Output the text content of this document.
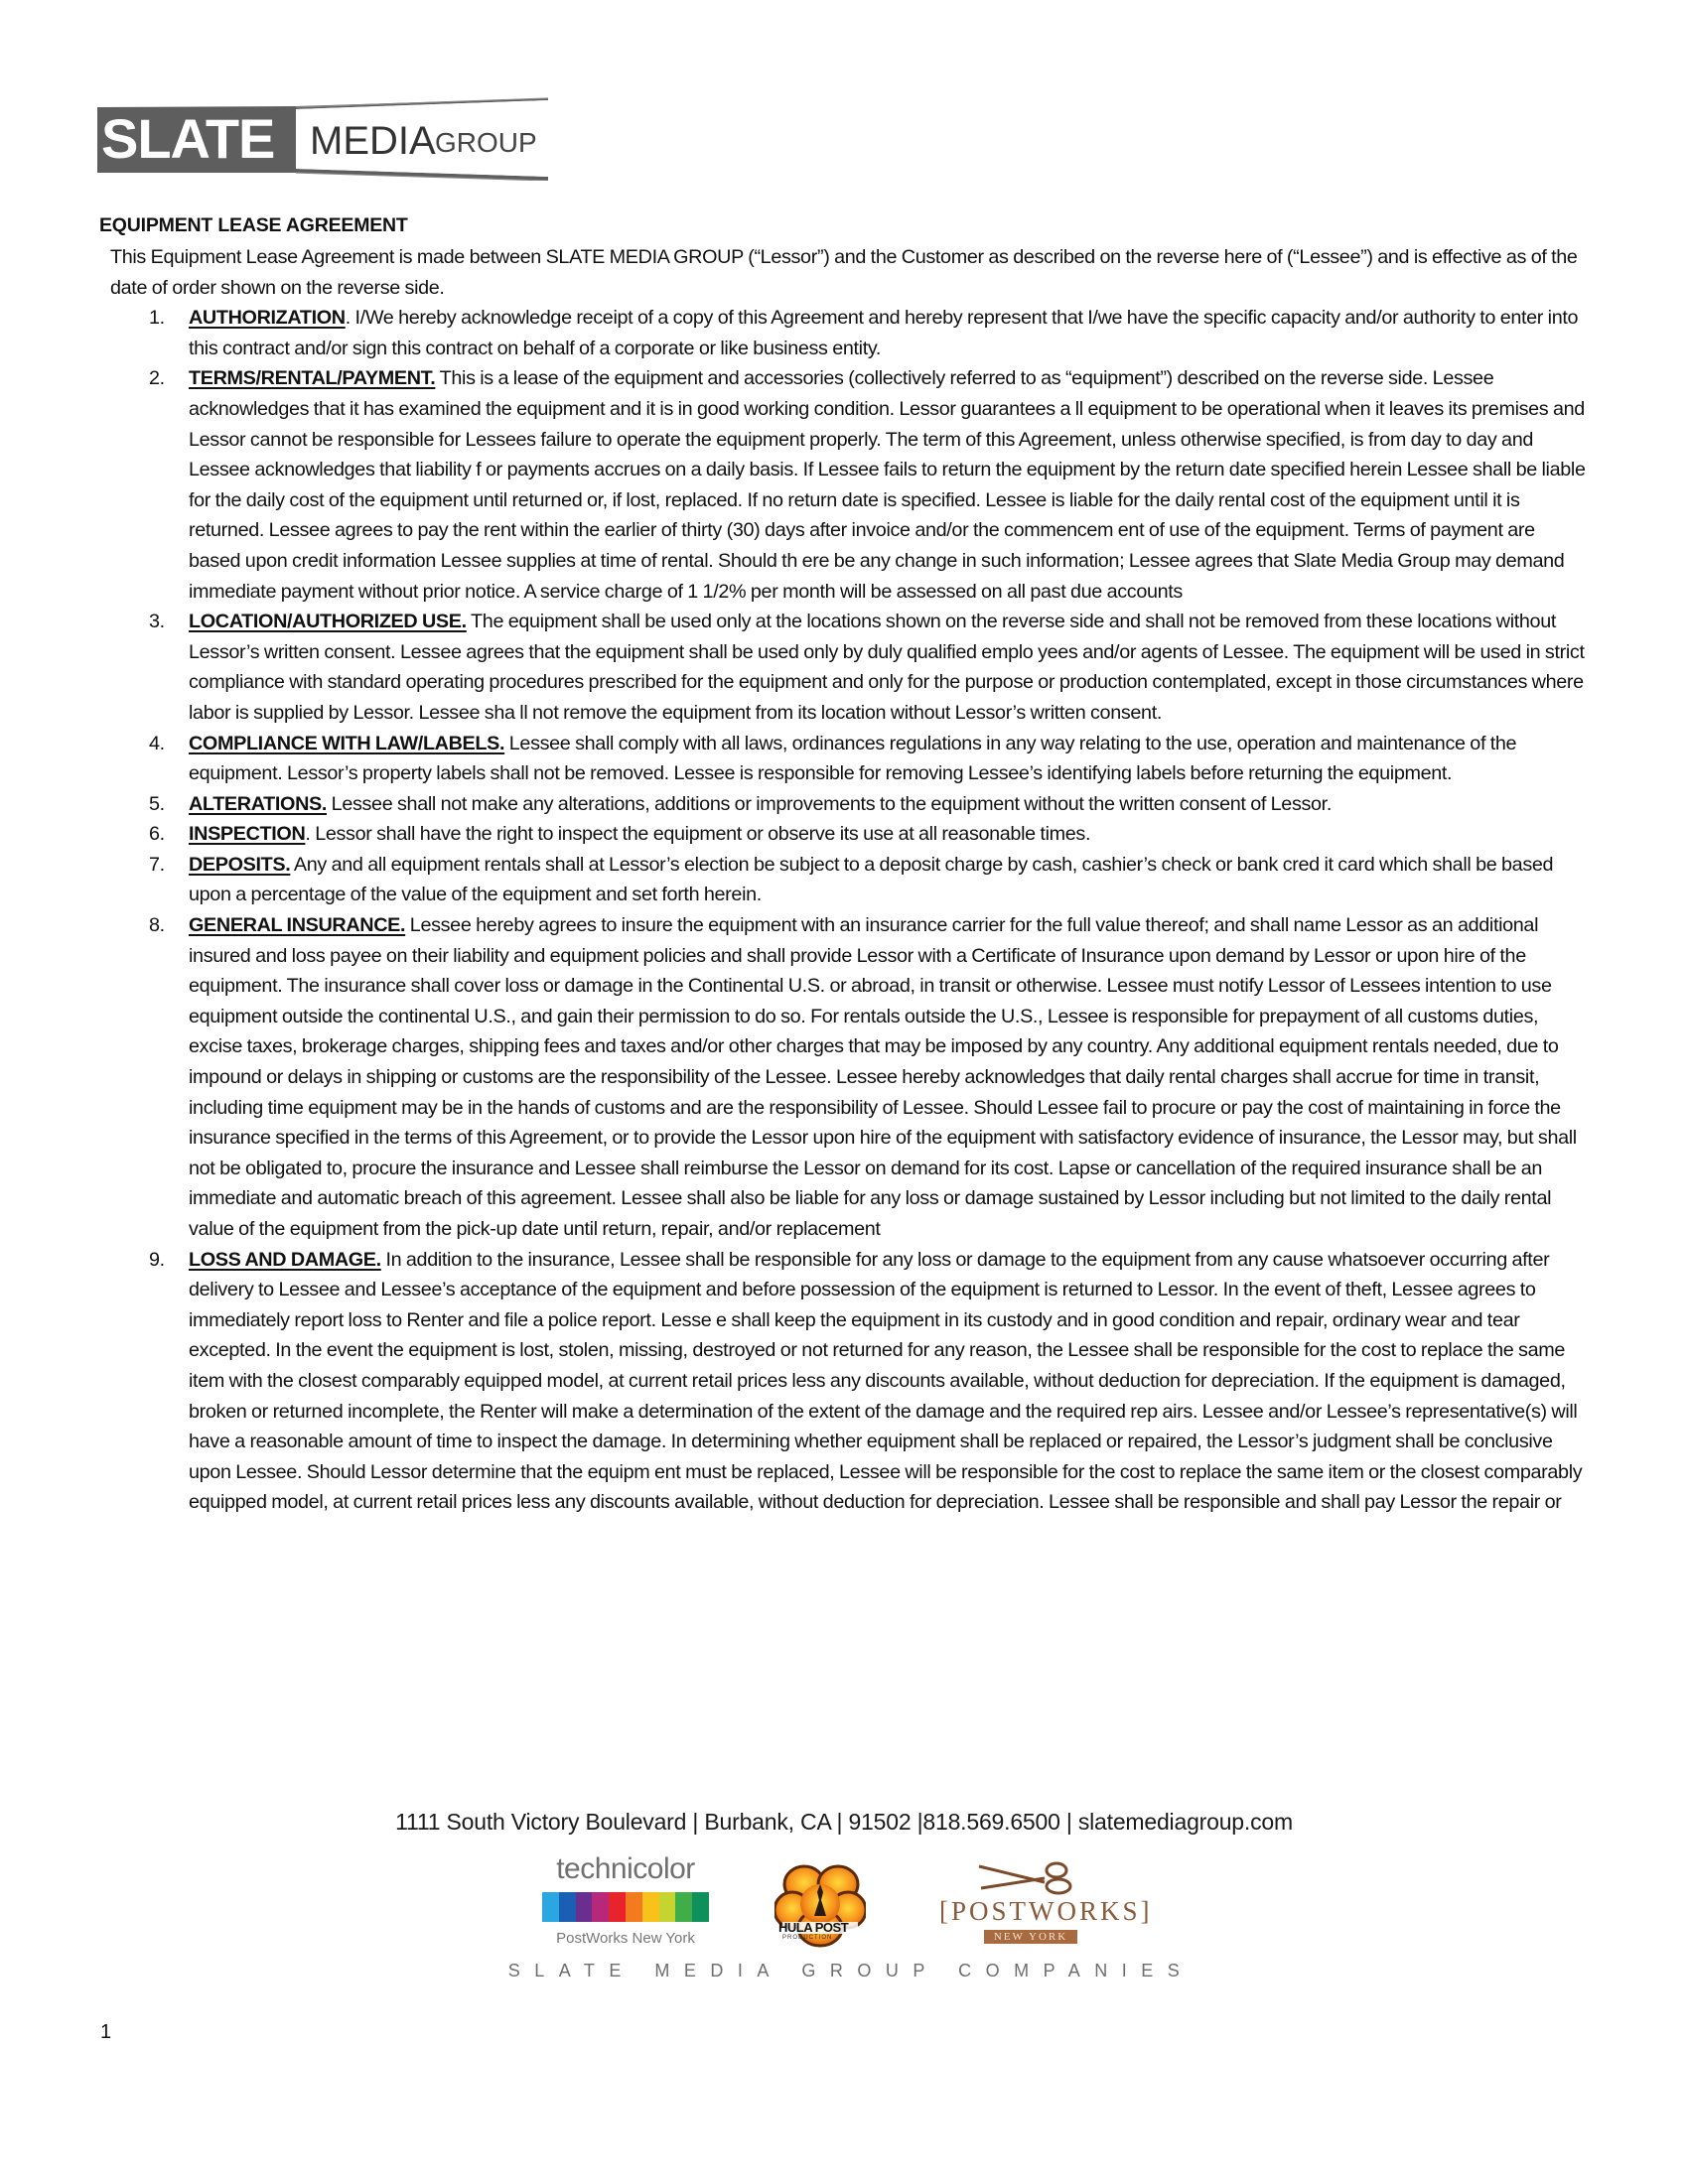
SLATE MEDIA GROUP
EQUIPMENT LEASE AGREEMENT
This Equipment Lease Agreement is made between SLATE MEDIA GROUP (“Lessor”) and the Customer as described on the reverse here of (“Lessee”) and is effective as of the date of order shown on the reverse side.
1. AUTHORIZATION. I/We hereby acknowledge receipt of a copy of this Agreement and hereby represent that I/we have the specific capacity and/or authority to enter into this contract and/or sign this contract on behalf of a corporate or like business entity.
2. TERMS/RENTAL/PAYMENT. This is a lease of the equipment and accessories (collectively referred to as “equipment”) described on the reverse side. Lessee acknowledges that it has examined the equipment and it is in good working condition. Lessor guarantees a ll equipment to be operational when it leaves its premises and Lessor cannot be responsible for Lessees failure to operate the equipment properly. The term of this Agreement, unless otherwise specified, is from day to day and Lessee acknowledges that liability f or payments accrues on a daily basis. If Lessee fails to return the equipment by the return date specified herein Lessee shall be liable for the daily cost of the equipment until returned or, if lost, replaced. If no return date is specified. Lessee is liable for the daily rental cost of the equipment until it is returned. Lessee agrees to pay the rent within the earlier of thirty (30) days after invoice and/or the commencem ent of use of the equipment. Terms of payment are based upon credit information Lessee supplies at time of rental. Should th ere be any change in such information; Lessee agrees that Slate Media Group may demand immediate payment without prior notice. A service charge of 1 1/2% per month will be assessed on all past due accounts
3. LOCATION/AUTHORIZED USE. The equipment shall be used only at the locations shown on the reverse side and shall not be removed from these locations without Lessor’s written consent. Lessee agrees that the equipment shall be used only by duly qualified emplo yees and/or agents of Lessee. The equipment will be used in strict compliance with standard operating procedures prescribed for the equipment and only for the purpose or production contemplated, except in those circumstances where labor is supplied by Lessor. Lessee sha ll not remove the equipment from its location without Lessor’s written consent.
4. COMPLIANCE WITH LAW/LABELS. Lessee shall comply with all laws, ordinances regulations in any way relating to the use, operation and maintenance of the equipment. Lessor’s property labels shall not be removed. Lessee is responsible for removing Lessee’s identifying labels before returning the equipment.
5. ALTERATIONS. Lessee shall not make any alterations, additions or improvements to the equipment without the written consent of Lessor.
6. INSPECTION. Lessor shall have the right to inspect the equipment or observe its use at all reasonable times.
7. DEPOSITS. Any and all equipment rentals shall at Lessor’s election be subject to a deposit charge by cash, cashier’s check or bank cred it card which shall be based upon a percentage of the value of the equipment and set forth herein.
8. GENERAL INSURANCE. Lessee hereby agrees to insure the equipment with an insurance carrier for the full value thereof; and shall name Lessor as an additional insured and loss payee on their liability and equipment policies and shall provide Lessor with a Certificate of Insurance upon demand by Lessor or upon hire of the equipment. The insurance shall cover loss or damage in the Continental U.S. or abroad, in transit or otherwise. Lessee must notify Lessor of Lessees intention to use equipment outside the continental U.S., and gain their permission to do so. For rentals outside the U.S., Lessee is responsible for prepayment of all customs duties, excise taxes, brokerage charges, shipping fees and taxes and/or other charges that may be imposed by any country. Any additional equipment rentals needed, due to impound or delays in shipping or customs are the responsibility of the Lessee. Lessee hereby acknowledges that daily rental charges shall accrue for time in transit, including time equipment may be in the hands of customs and are the responsibility of Lessee. Should Lessee fail to procure or pay the cost of maintaining in force the insurance specified in the terms of this Agreement, or to provide the Lessor upon hire of the equipment with satisfactory evidence of insurance, the Lessor may, but shall not be obligated to, procure the insurance and Lessee shall reimburse the Lessor on demand for its cost. Lapse or cancellation of the required insurance shall be an immediate and automatic breach of this agreement. Lessee shall also be liable for any loss or damage sustained by Lessor including but not limited to the daily rental value of the equipment from the pick-up date until return, repair, and/or replacement
9. LOSS AND DAMAGE. In addition to the insurance, Lessee shall be responsible for any loss or damage to the equipment from any cause whatsoever occurring after delivery to Lessee and Lessee’s acceptance of the equipment and before possession of the equipment is returned to Lessor. In the event of theft, Lessee agrees to immediately report loss to Renter and file a police report. Lesse e shall keep the equipment in its custody and in good condition and repair, ordinary wear and tear excepted. In the event the equipment is lost, stolen, missing, destroyed or not returned for any reason, the Lessee shall be responsible for the cost to replace the same item with the closest comparably equipped model, at current retail prices less any discounts available, without deduction for depreciation. If the equipment is damaged, broken or returned incomplete, the Renter will make a determination of the extent of the damage and the required rep airs. Lessee and/or Lessee’s representative(s) will have a reasonable amount of time to inspect the damage. In determining whether equipment shall be replaced or repaired, the Lessor’s judgment shall be conclusive upon Lessee. Should Lessor determine that the equipm ent must be replaced, Lessee will be responsible for the cost to replace the same item or the closest comparably equipped model, at current retail prices less any discounts available, without deduction for depreciation. Lessee shall be responsible and shall pay Lessor the repair or
1111 South Victory Boulevard | Burbank, CA | 91502 |818.569.6500 | slatemediagroup.com
technicolor
PostWorks New York
HULA POST
PRODUCTION
[POSTWORKS]
NEW YORK
SLATE MEDIA GROUP COMPANIES
1
